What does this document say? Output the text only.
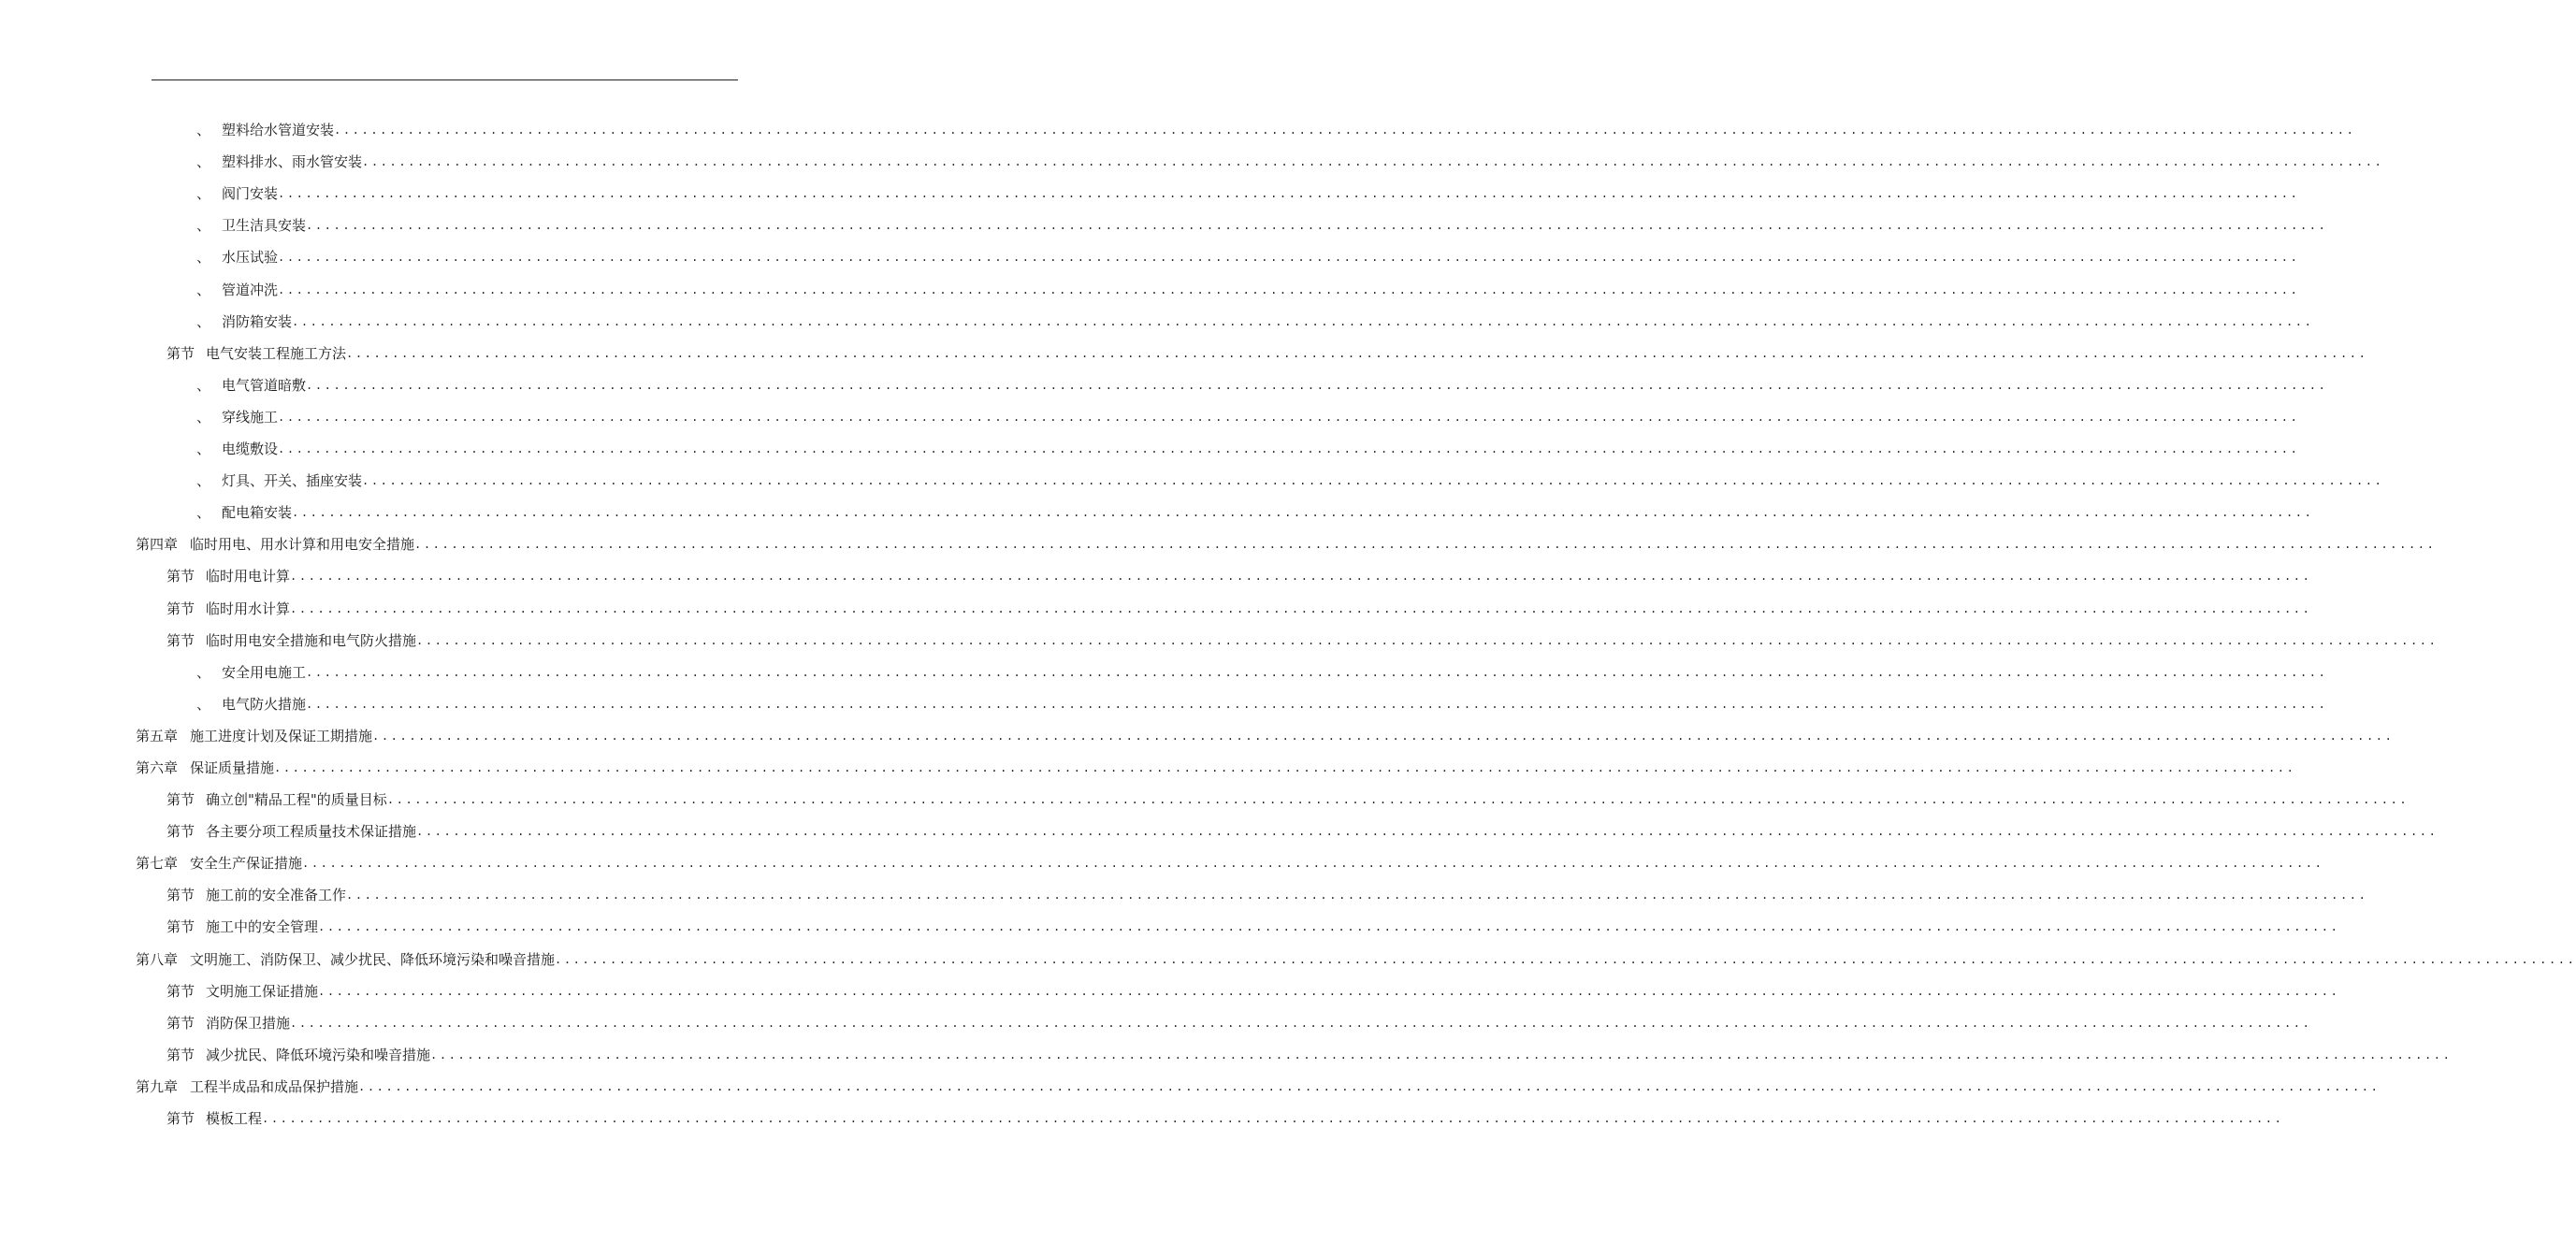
、 塑料给水管道安装 ............................................................................................................................................................................................................................
、 塑料排水、雨水管安装 ............................................................................................................................................................................................................................
、 阀门安装 ............................................................................................................................................................................................................................
、 卫生洁具安装 ............................................................................................................................................................................................................................
、 水压试验 ............................................................................................................................................................................................................................
、 管道冲洗 ............................................................................................................................................................................................................................
、 消防箱安装 ............................................................................................................................................................................................................................
第节 电气安装工程施工方法 ............................................................................................................................................................................................................................
、 电气管道暗敷 ............................................................................................................................................................................................................................
、 穿线施工 ............................................................................................................................................................................................................................
、 电缆敷设 ............................................................................................................................................................................................................................
、 灯具、开关、插座安装 ............................................................................................................................................................................................................................
、 配电箱安装 ............................................................................................................................................................................................................................
第四章 临时用电、用水计算和用电安全措施 ............................................................................................................................................................................................................................
第节 临时用电计算 ............................................................................................................................................................................................................................
第节 临时用水计算 ............................................................................................................................................................................................................................
第节 临时用电安全措施和电气防火措施 ............................................................................................................................................................................................................................
、 安全用电施工 ............................................................................................................................................................................................................................
、 电气防火措施 ............................................................................................................................................................................................................................
第五章 施工进度计划及保证工期措施 ............................................................................................................................................................................................................................
第六章 保证质量措施 ............................................................................................................................................................................................................................
第节 确立创"精品工程"的质量目标 ............................................................................................................................................................................................................................
第节 各主要分项工程质量技术保证措施 ............................................................................................................................................................................................................................
第七章 安全生产保证措施 ............................................................................................................................................................................................................................
第节 施工前的安全准备工作 ............................................................................................................................................................................................................................
第节 施工中的安全管理 ............................................................................................................................................................................................................................
第八章 文明施工、消防保卫、减少扰民、降低环境污染和噪音措施 ............................................................................................................................................................................................................................
第节 文明施工保证措施 ............................................................................................................................................................................................................................
第节 消防保卫措施 ............................................................................................................................................................................................................................
第节 减少扰民、降低环境污染和噪音措施 ............................................................................................................................................................................................................................
第九章 工程半成品和成品保护措施 ............................................................................................................................................................................................................................
第节 模板工程 ............................................................................................................................................................................................................................
